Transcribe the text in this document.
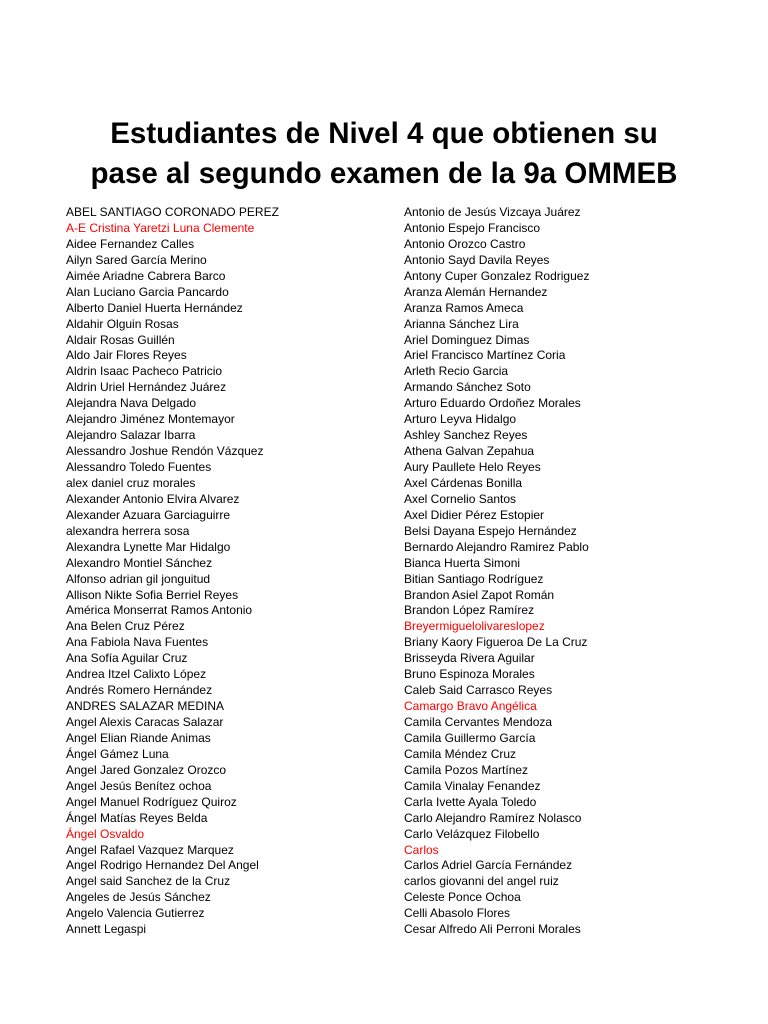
Estudiantes de Nivel 4 que obtienen su
pase al segundo examen de la 9a OMMEB
ABEL SANTIAGO CORONADO PEREZ
A-E Cristina Yaretzi Luna Clemente
Aidee Fernandez Calles
Ailyn Sared García Merino
Aimée Ariadne Cabrera Barco
Alan Luciano Garcia Pancardo
Alberto Daniel Huerta Hernández
Aldahir Olguin Rosas
Aldair Rosas Guillén
Aldo Jair Flores Reyes
Aldrin Isaac Pacheco Patricio
Aldrin Uriel Hernández Juárez
Alejandra Nava Delgado
Alejandro Jiménez Montemayor
Alejandro Salazar Ibarra
Alessandro Joshue Rendón Vázquez
Alessandro Toledo Fuentes
alex daniel cruz morales
Alexander Antonio Elvira Alvarez
Alexander Azuara Garciaguirre
alexandra herrera sosa
Alexandra Lynette Mar Hidalgo
Alexandro Montiel Sánchez
Alfonso adrian gil jonguitud
Allison Nikte Sofia Berriel Reyes
América Monserrat Ramos Antonio
Ana Belen Cruz Pérez
Ana Fabiola Nava Fuentes
Ana Sofía Aguilar Cruz
Andrea Itzel Calixto López
Andrés Romero Hernández
ANDRES SALAZAR MEDINA
Angel Alexis Caracas Salazar
Angel Elian Riande Animas
Ángel Gámez Luna
Angel Jared Gonzalez Orozco
Angel Jesús Benítez ochoa
Angel Manuel Rodríguez Quiroz
Ángel Matías Reyes Belda
Ángel Osvaldo
Angel Rafael Vazquez Marquez
Angel Rodrigo Hernandez Del Angel
Angel said Sanchez de la Cruz
Angeles de Jesús Sánchez
Angelo Valencia Gutierrez
Annett Legaspi
Antonio de Jesús Vizcaya Juárez
Antonio Espejo Francisco
Antonio Orozco Castro
Antonio Sayd Davila Reyes
Antony Cuper Gonzalez Rodriguez
Aranza Alemán Hernandez
Aranza Ramos Ameca
Arianna Sánchez Lira
Ariel Dominguez Dimas
Ariel Francisco Martínez Coria
Arleth Recio Garcia
Armando Sánchez Soto
Arturo Eduardo Ordoñez Morales
Arturo Leyva Hidalgo
Ashley Sanchez Reyes
Athena Galvan Zepahua
Aury Paullete Helo Reyes
Axel Cárdenas Bonilla
Axel Cornelio Santos
Axel Didier Pérez Estopier
Belsi Dayana Espejo Hernández
Bernardo Alejandro Ramirez Pablo
Bianca Huerta Simoni
Bitian Santiago Rodríguez
Brandon Asiel Zapot Román
Brandon López Ramírez
Breyermiguelolivareslopez
Briany Kaory Figueroa De La Cruz
Brisseyda Rivera Aguilar
Bruno Espinoza Morales
Caleb Said Carrasco Reyes
Camargo Bravo Angélica
Camila Cervantes Mendoza
Camila Guillermo García
Camila Méndez Cruz
Camila Pozos Martínez
Camila Vinalay Fenandez
Carla Ivette Ayala Toledo
Carlo Alejandro Ramírez Nolasco
Carlo Velázquez Filobello
Carlos
Carlos Adriel García Fernández
carlos giovanni del angel ruiz
Celeste Ponce Ochoa
Celli Abasolo Flores
Cesar Alfredo Ali Perroni Morales
